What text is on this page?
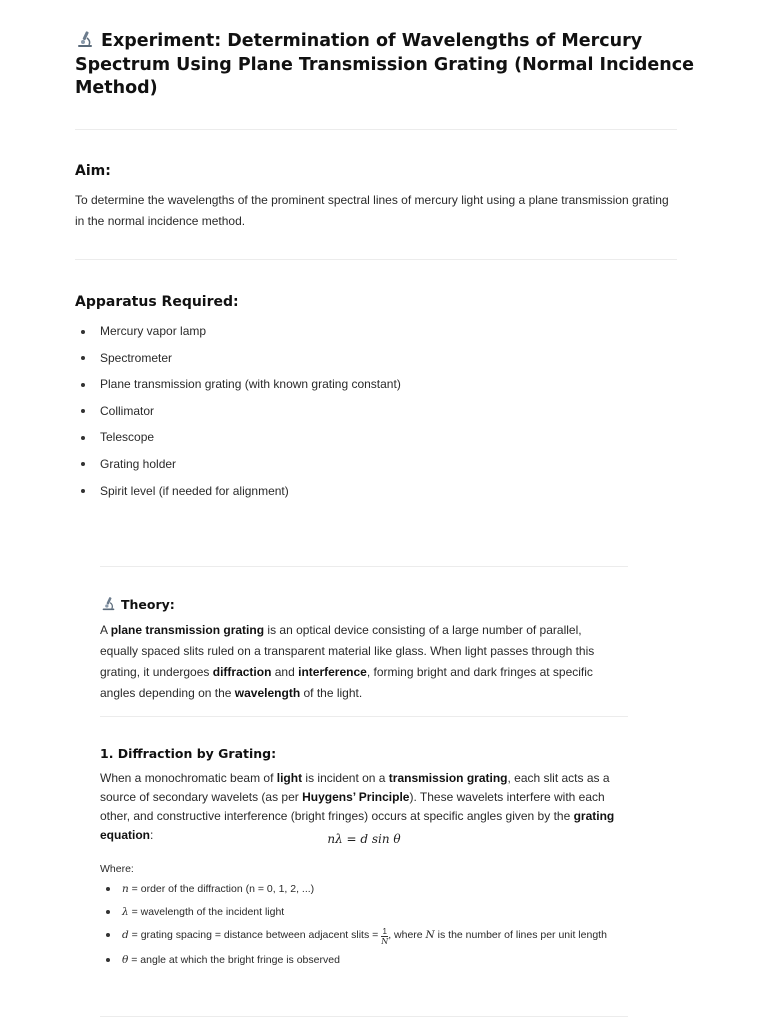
Experiment: Determination of Wavelengths of Mercury Spectrum Using Plane Transmission Grating (Normal Incidence Method)
Aim:

To determine the wavelengths of the prominent spectral lines of mercury light using a plane transmission grating in the normal incidence method.

Apparatus Required:
Mercury vapor lamp
Spectrometer
Plane transmission grating (with known grating constant)
Collimator
Telescope
Grating holder
Spirit level (if needed for alignment)
Theory:

A plane transmission grating is an optical device consisting of a large number of parallel, equally spaced slits ruled on a transparent material like glass. When light passes through this grating, it undergoes diffraction and interference, forming bright and dark fringes at specific angles depending on the wavelength of the light.

1. Diffraction by Grating:

When a monochromatic beam of light is incident on a transmission grating, each slit acts as a source of secondary wavelets (as per Huygens’ Principle). These wavelets interfere with each other, and constructive interference (bright fringes) occurs at specific angles given by the grating equation:	nλ = d sin θ
Where:
n = order of the diffraction (n = 0, 1, 2, ...)
λ = wavelength of the incident light
d = grating spacing = distance between adjacent slits = $\frac{1}{N}$ , where N is the number of lines per unit length
θ = angle at which the bright fringe is observed
